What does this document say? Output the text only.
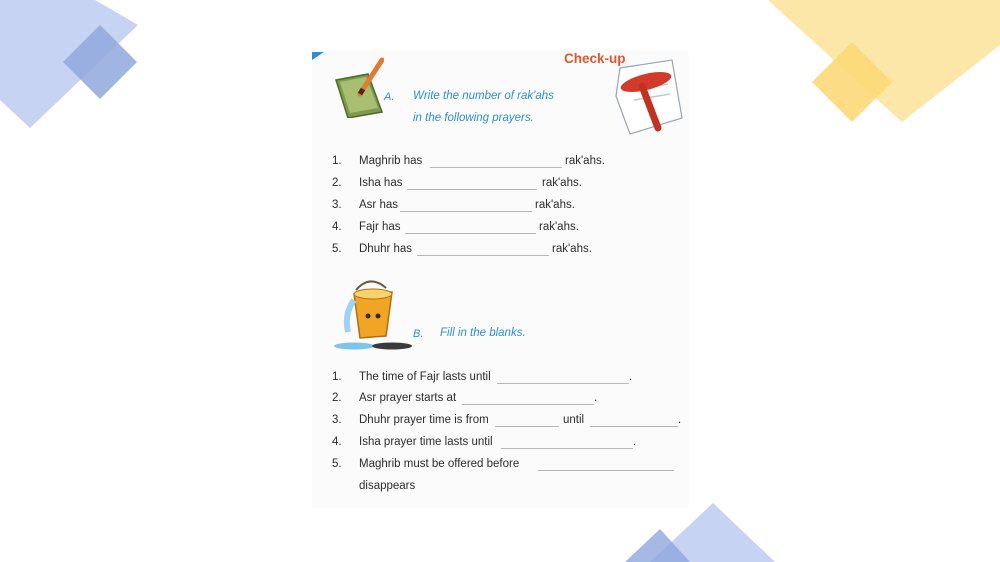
Check-up
A. Write the number of rak'ahs
in the following prayers.
1. Maghrib has	rak'ahs.
2. Isha has	rak'ahs.
3. Asr has	rak'ahs.
4. Fajr has	rak'ahs.
5. Dhuhr has	rak'ahs.
B. Fill in the blanks.
1. The time of Fajr lasts until	.
2. Asr prayer starts at	.
3. Dhuhr prayer time is from	until	.
4. Isha prayer time lasts until	.
5. Maghrib must be offered before
disappears
